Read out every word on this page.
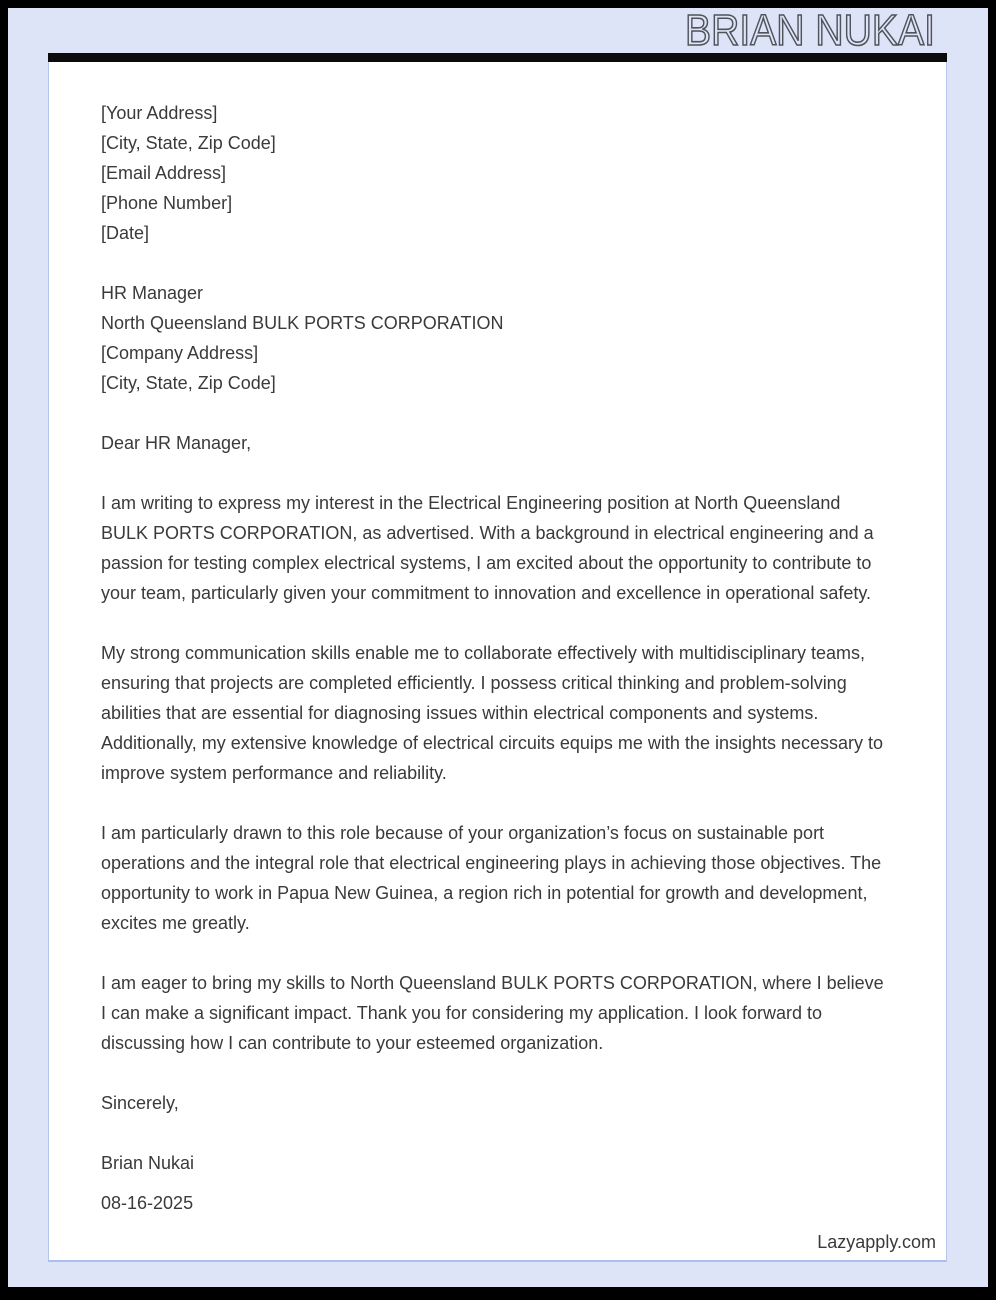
BRIAN NUKAI
[Your Address]
[City, State, Zip Code]
[Email Address]
[Phone Number]
[Date]
HR Manager
North Queensland BULK PORTS CORPORATION
[Company Address]
[City, State, Zip Code]

Dear HR Manager,

I am writing to express my interest in the Electrical Engineering position at North Queensland BULK PORTS CORPORATION, as advertised. With a background in electrical engineering and a passion for testing complex electrical systems, I am excited about the opportunity to contribute to your team, particularly given your commitment to innovation and excellence in operational safety.

My strong communication skills enable me to collaborate effectively with multidisciplinary teams, ensuring that projects are completed efficiently. I possess critical thinking and problem-solving abilities that are essential for diagnosing issues within electrical components and systems. Additionally, my extensive knowledge of electrical circuits equips me with the insights necessary to improve system performance and reliability.

I am particularly drawn to this role because of your organization’s focus on sustainable port operations and the integral role that electrical engineering plays in achieving those objectives. The opportunity to work in Papua New Guinea, a region rich in potential for growth and development, excites me greatly.

I am eager to bring my skills to North Queensland BULK PORTS CORPORATION, where I believe I can make a significant impact. Thank you for considering my application. I look forward to discussing how I can contribute to your esteemed organization.

Sincerely,

Brian Nukai
08-16-2025
Lazyapply.com
